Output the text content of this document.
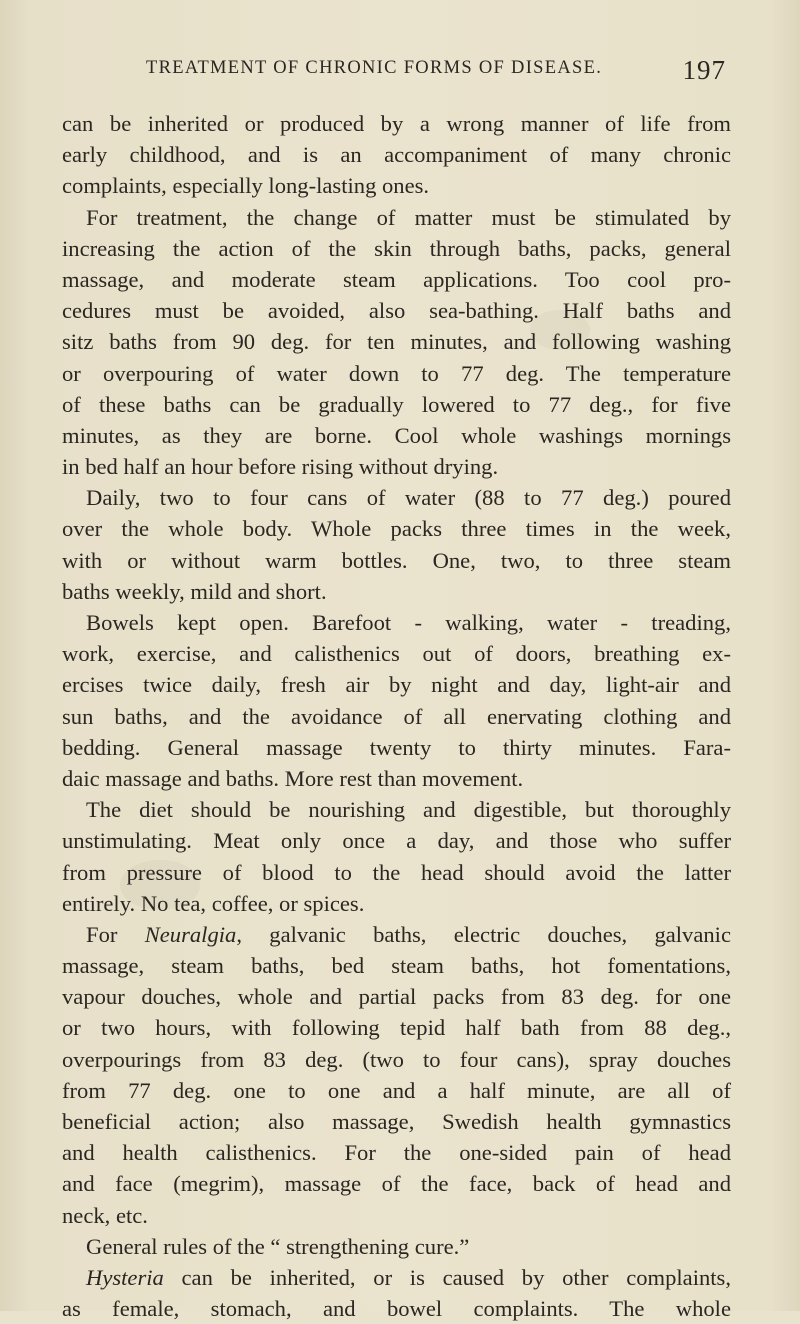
TREATMENT OF CHRONIC FORMS OF DISEASE.	197
can be inherited or produced by a wrong manner of life from
early childhood, and is an accompaniment of many chronic
complaints, especially long-lasting ones.
For treatment, the change of matter must be stimulated by
increasing the action of the skin through baths, packs, general
massage, and moderate steam applications. Too cool pro-
cedures must be avoided, also sea-bathing. Half baths and
sitz baths from 90 deg. for ten minutes, and following washing
or overpouring of water down to 77 deg. The temperature
of these baths can be gradually lowered to 77 deg., for five
minutes, as they are borne. Cool whole washings mornings
in bed half an hour before rising without drying.
Daily, two to four cans of water (88 to 77 deg.) poured
over the whole body. Whole packs three times in the week,
with or without warm bottles. One, two, to three steam
baths weekly, mild and short.
Bowels kept open. Barefoot - walking, water - treading,
work, exercise, and calisthenics out of doors, breathing ex-
ercises twice daily, fresh air by night and day, light-air and
sun baths, and the avoidance of all enervating clothing and
bedding. General massage twenty to thirty minutes. Fara-
daic massage and baths. More rest than movement.
The diet should be nourishing and digestible, but thoroughly
unstimulating. Meat only once a day, and those who suffer
from pressure of blood to the head should avoid the latter
entirely. No tea, coffee, or spices.
For Neuralgia, galvanic baths, electric douches, galvanic
massage, steam baths, bed steam baths, hot fomentations,
vapour douches, whole and partial packs from 83 deg. for one
or two hours, with following tepid half bath from 88 deg.,
overpourings from 83 deg. (two to four cans), spray douches
from 77 deg. one to one and a half minute, are all of
beneficial action; also massage, Swedish health gymnastics
and health calisthenics. For the one-sided pain of head
and face (megrim), massage of the face, back of head and
neck, etc.
General rules of the “ strengthening cure.”
Hysteria can be inherited, or is caused by other complaints,
as female, stomach, and bowel complaints. The whole
